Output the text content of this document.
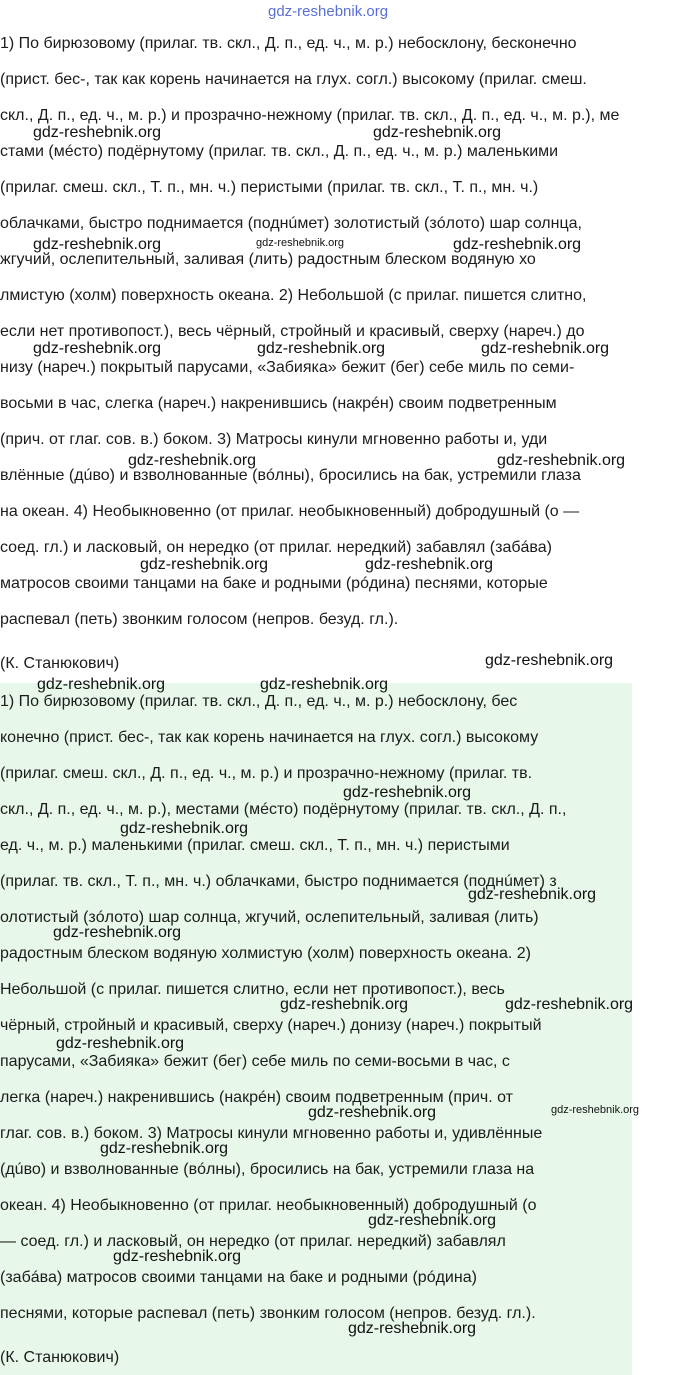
gdz-reshebnik.org
gdz-reshebnik.org	gdz-reshebnik.org
gdz-reshebnik.org	gdz-reshebnik.org	gdz-reshebnik.org
gdz-reshebnik.org	gdz-reshebnik.org	gdz-reshebnik.org
gdz-reshebnik.org	gdz-reshebnik.org
gdz-reshebnik.org	gdz-reshebnik.org
gdz-reshebnik.org
gdz-reshebnik.org	gdz-reshebnik.org
gdz-reshebnik.org
gdz-reshebnik.org
gdz-reshebnik.org
gdz-reshebnik.org
gdz-reshebnik.org	gdz-reshebnik.org
gdz-reshebnik.org
gdz-reshebnik.org	gdz-reshebnik.org
gdz-reshebnik.org
gdz-reshebnik.org
gdz-reshebnik.org
gdz-reshebnik.org
1) По бирюзовому (прилаг. тв. скл., Д. п., ед. ч., м. р.) небосклону, бесконечно
(прист. бес-, так как корень начинается на глух. согл.) высокому (прилаг. смеш.
скл., Д. п., ед. ч., м. р.) и прозрачно-нежному (прилаг. тв. скл., Д. п., ед. ч., м. р.), ме
стами (мéсто) подёрнутому (прилаг. тв. скл., Д. п., ед. ч., м. р.) маленькими
(прилаг. смеш. скл., Т. п., мн. ч.) перистыми (прилаг. тв. скл., Т. п., мн. ч.)
облачками, быстро поднимается (поднúмет) золотистый (зóлото) шар солнца,
жгучий, ослепительный, заливая (лить) радостным блеском водяную хо
лмистую (холм) поверхность океана. 2) Небольшой (с прилаг. пишется слитно,
если нет противопост.), весь чёрный, стройный и красивый, сверху (нареч.) до
низу (нареч.) покрытый парусами, «Забияка» бежит (бег) себе миль по семи-
восьми в час, слегка (нареч.) накренившись (накрéн) своим подветренным
(прич. от глаг. сов. в.) боком. 3) Матросы кинули мгновенно работы и, уди
влённые (дúво) и взволнованные (вóлны), бросились на бак, устремили глаза
на океан. 4) Необыкновенно (от прилаг. необыкновенный) добродушный (о —
соед. гл.) и ласковый, он нередко (от прилаг. нередкий) забавлял (забáва)
матросов своими танцами на баке и родными (рóдина) песнями, которые
распевал (петь) звонким голосом (непров. безуд. гл.).
(К. Станюкович)
1) По бирюзовому (прилаг. тв. скл., Д. п., ед. ч., м. р.) небосклону, бес
конечно (прист. бес-, так как корень начинается на глух. согл.) высокому
(прилаг. смеш. скл., Д. п., ед. ч., м. р.) и прозрачно-нежному (прилаг. тв.
скл., Д. п., ед. ч., м. р.), местами (мéсто) подёрнутому (прилаг. тв. скл., Д. п.,
ед. ч., м. р.) маленькими (прилаг. смеш. скл., Т. п., мн. ч.) перистыми
(прилаг. тв. скл., Т. п., мн. ч.) облачками, быстро поднимается (поднúмет) з
олотистый (зóлото) шар солнца, жгучий, ослепительный, заливая (лить)
радостным блеском водяную холмистую (холм) поверхность океана. 2)
Небольшой (с прилаг. пишется слитно, если нет противопост.), весь
чёрный, стройный и красивый, сверху (нареч.) донизу (нареч.) покрытый
парусами, «Забияка» бежит (бег) себе миль по семи-восьми в час, с
легка (нареч.) накренившись (накрéн) своим подветренным (прич. от
глаг. сов. в.) боком. 3) Матросы кинули мгновенно работы и, удивлённые
(дúво) и взволнованные (вóлны), бросились на бак, устремили глаза на
океан. 4) Необыкновенно (от прилаг. необыкновенный) добродушный (о
— соед. гл.) и ласковый, он нередко (от прилаг. нередкий) забавлял
(забáва) матросов своими танцами на баке и родными (рóдина)
песнями, которые распевал (петь) звонким голосом (непров. безуд. гл.).
(К. Станюкович)
